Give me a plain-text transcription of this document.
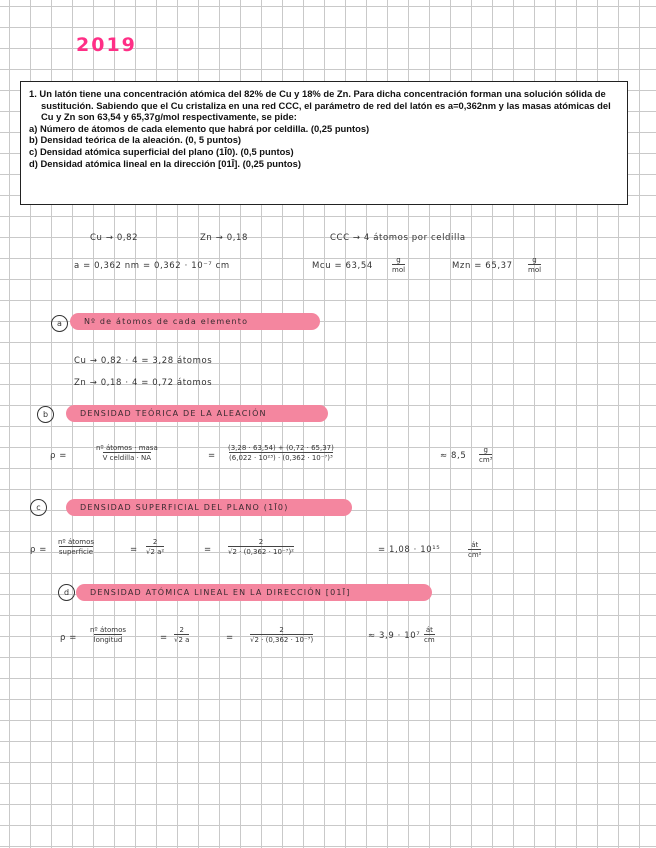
2019

1. Un latón tiene una concentración atómica del 82% de Cu y 18% de Zn. Para dicha concentración forman una solución sólida de sustitución. Sabiendo que el Cu cristaliza en una red CCC, el parámetro de red del latón es a=0,362nm y las masas atómicas del Cu y Zn son 63,54 y 65,37g/mol respectivamente, se pide:

a) Número de átomos de cada elemento que habrá por celdilla. (0,25 puntos)
b) Densidad teórica de la aleación. (0, 5 puntos)
c) Densidad atómica superficial del plano (1Ī0). (0,5 puntos)
d) Densidad atómica lineal en la dirección [01Ī]. (0,25 puntos)
Cu → 0,82	Zn → 0,18	CCC → 4 átomos por celdilla
a = 0,362 nm = 0,362 · 10⁻⁷ cm	Mcu = 63,54
g
mol	Mzn = 65,37
g
mol
a	Nº de átomos de cada elemento
Cu → 0,82 · 4 = 3,28 átomos
Zn → 0,18 · 4 = 0,72 átomos
b	DENSIDAD TEÓRICA DE LA ALEACIÓN
ρ =
nº átomos · masa
V celdilla · NA	= $\frac{(3,28 \cdot 63,54) + (0,72 \cdot 65,37)}{\text{(6,022 · 10²³) · (0,362 · 10⁻⁷)³}}$	≈ $8,5 \frac{g}{\text{cm³}}$
c	DENSIDAD SUPERFICIAL DEL PLANO (1Ī0)
ρ =
nº átomos
superficie	= $\frac{2}{\text{√2 a²}}$	= $\frac{2}{\text{√2 · (0,362 · 10⁻⁷)²}}$	= 1,08 · 10¹⁵	$\frac{át}{\text{cm²}}$
d	DENSIDAD ATÓMICA LINEAL EN LA DIRECCIÓN [01Ī]
ρ =
nº átomos
longitud	= $\frac{2}{√2 a}$	= $\frac{2}{\text{√2 · (0,362 · 10⁻⁷)}}$	≈ $3,9 \cdot 10^7 \frac{át}{cm}$
